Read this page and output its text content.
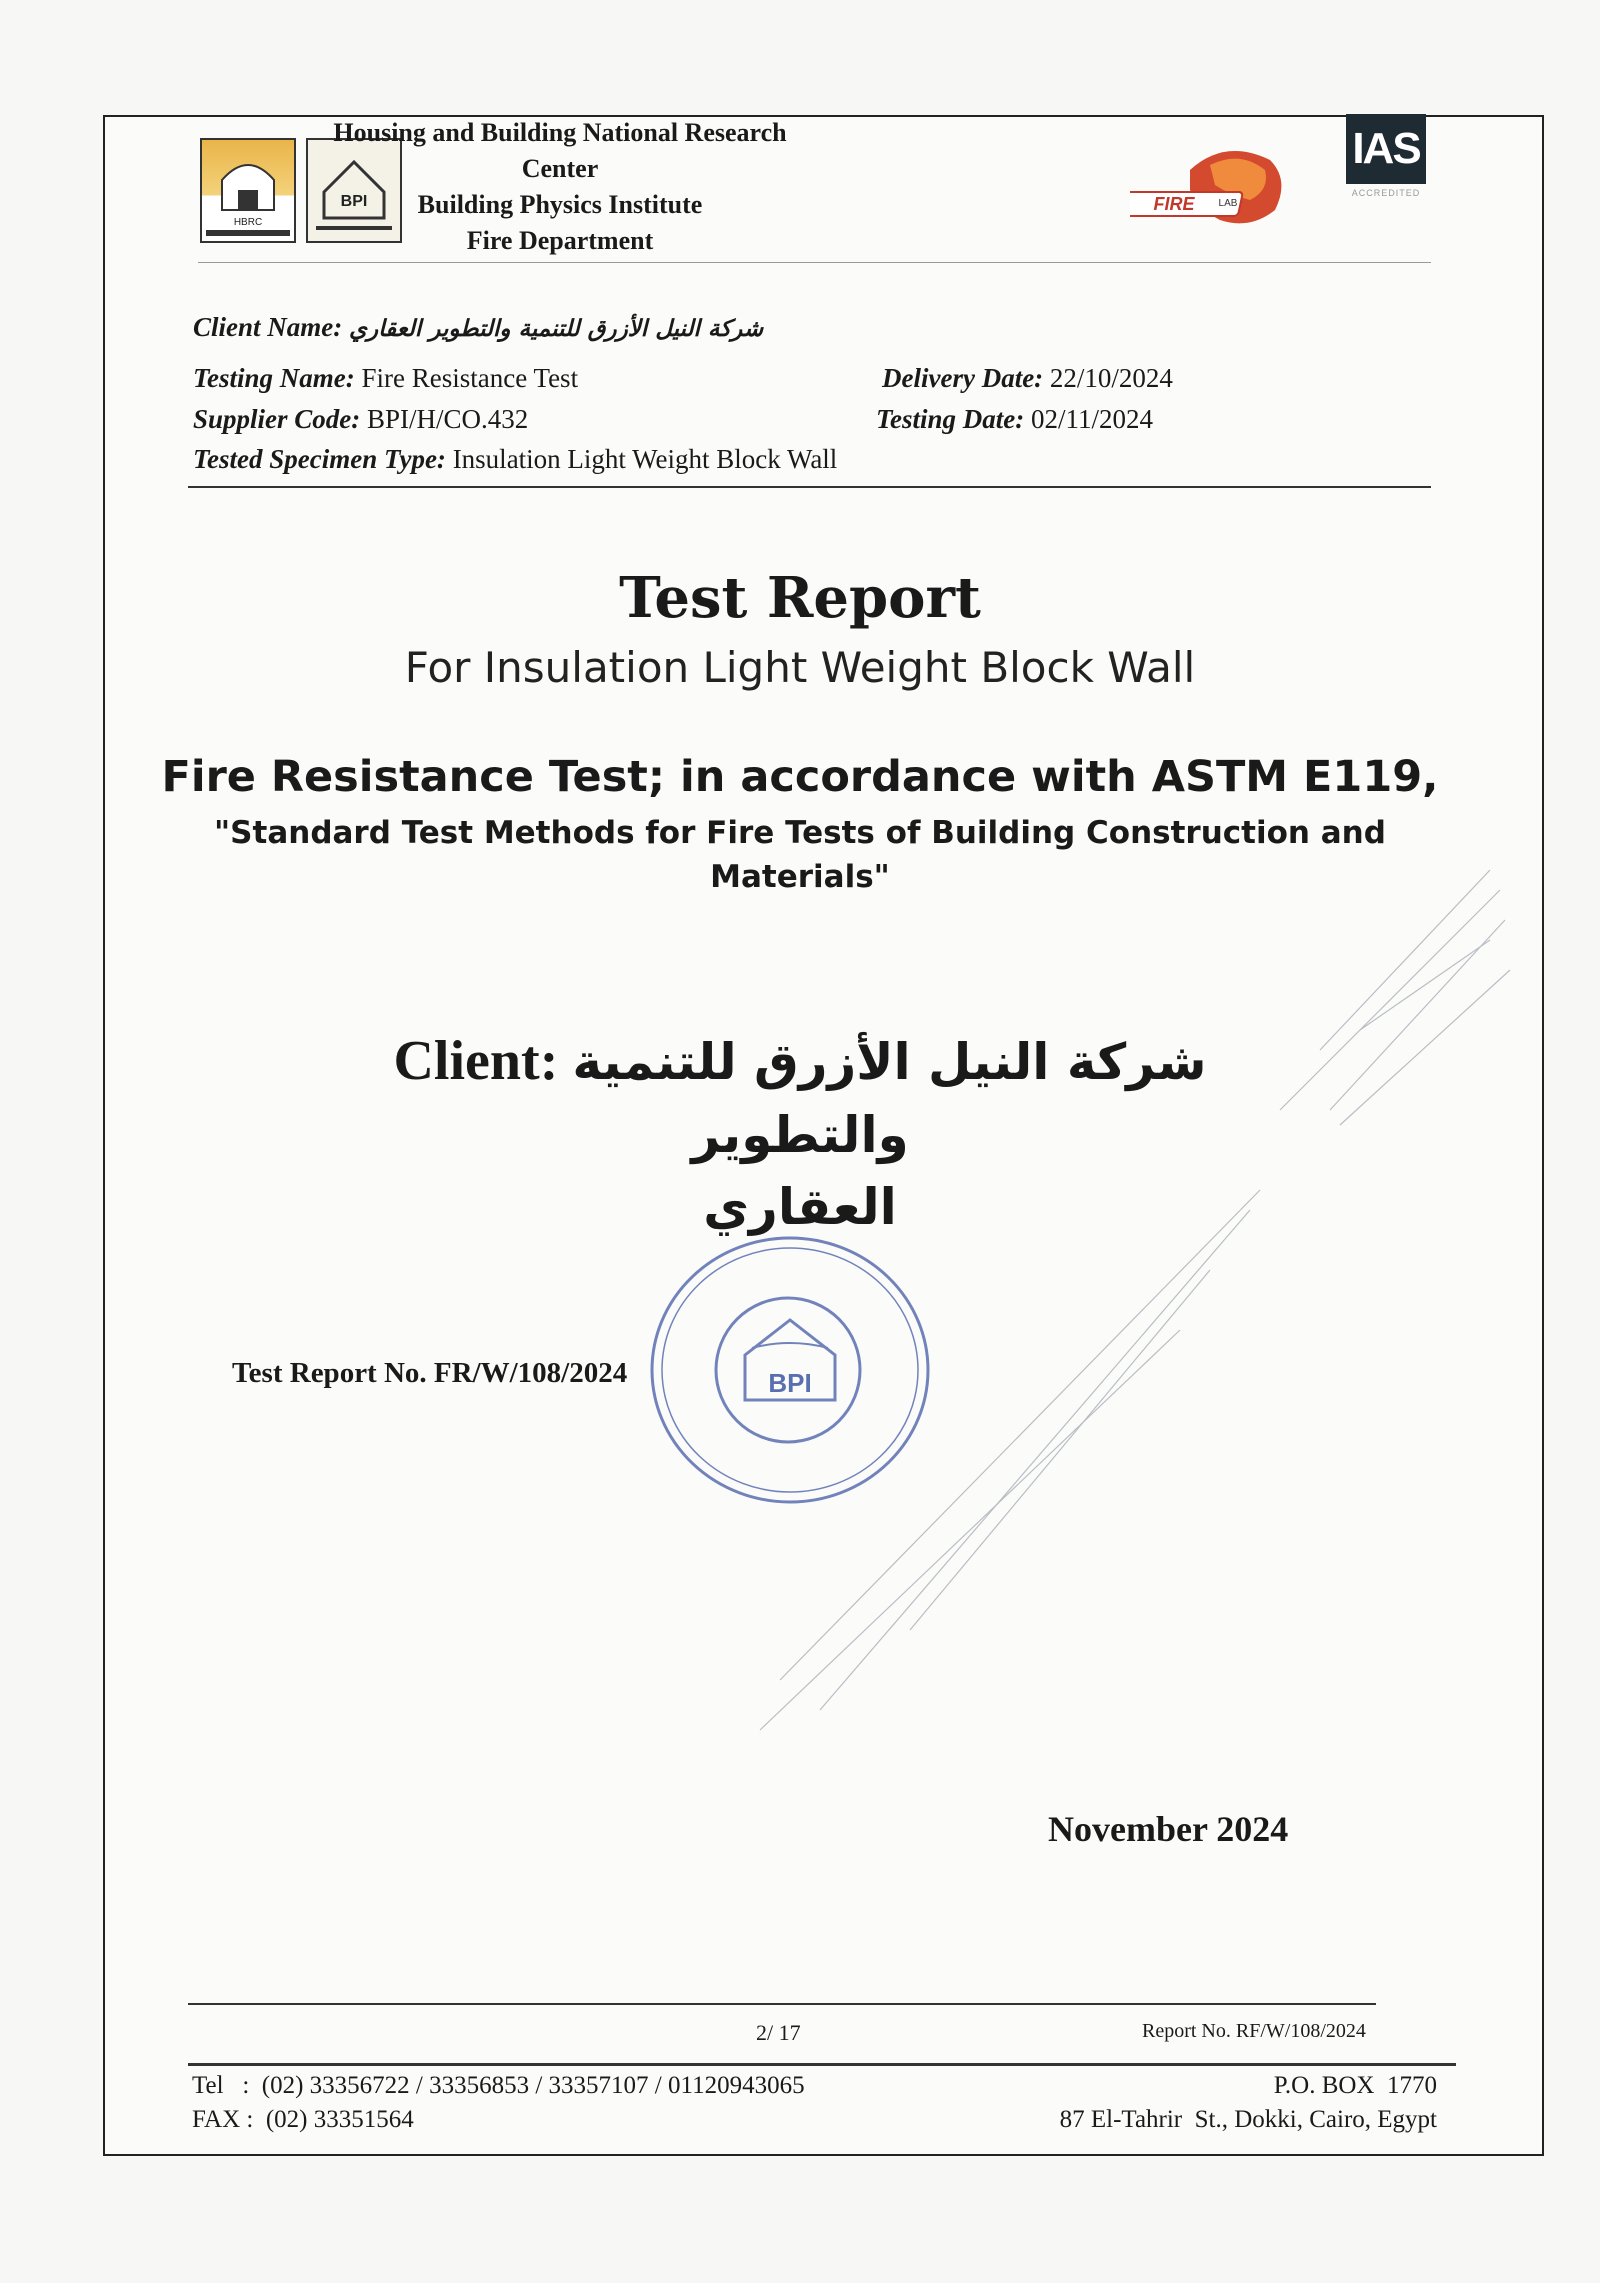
HBRC
BPI
Housing and Building National Research Center
Building Physics Institute
Fire Department
FIRE LAB
IAS
ACCREDITED
Client Name: شركة النيل الأزرق للتنمية والتطوير العقاري
Testing Name: Fire Resistance Test	Delivery Date: 22/10/2024
Supplier Code: BPI/H/CO.432	Testing Date: 02/11/2024
Tested Specimen Type: Insulation Light Weight Block Wall
Test Report
For Insulation Light Weight Block Wall
Fire Resistance Test; in accordance with ASTM E119,
"Standard Test Methods for Fire Tests of Building Construction and
Materials"
Client: شركة النيل الأزرق للتنمية والتطوير
العقاري
BPI
Test Report No. FR/W/108/2024
November 2024
2/ 17	Report No. RF/W/108/2024
Tel   :  (02) 33356722 / 33356853 / 33357107 / 01120943065
FAX :  (02) 33351564
P.O. BOX  1770
87 El-Tahrir  St., Dokki, Cairo, Egypt
